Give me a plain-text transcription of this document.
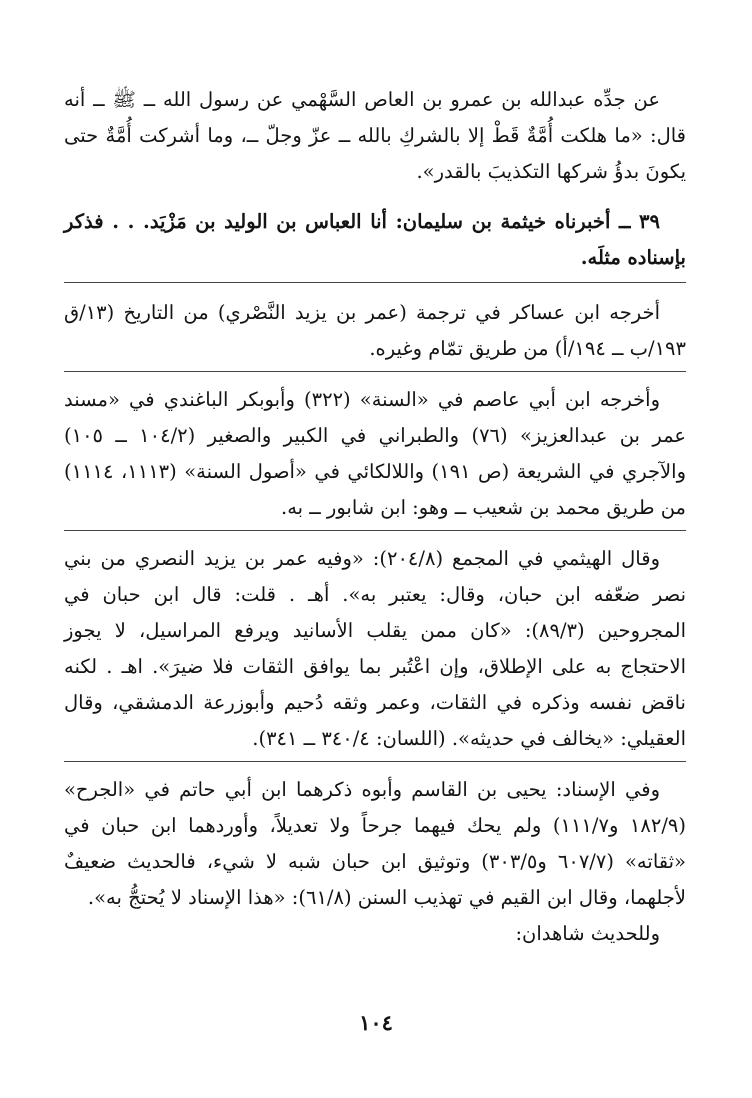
عن جدِّه عبدالله بن عمرو بن العاص السَّهْمي عن رسول الله ــ ﷺ ــ أنه قال: «ما هلكت أُمَّةٌ قَطْ إلا بالشركِ بالله ــ عزّ وجلّ ــ، وما أشركت أُمَّةٌ حتى يكونَ بدؤُ شركها التكذيبَ بالقدر».

٣٩ ــ أخبرناه خيثمة بن سليمان: أنا العباس بن الوليد بن مَزْيَد. . . فذكر بإسناده مثلَه.

أخرجه ابن عساكر في ترجمة (عمر بن يزيد النَّصْري) من التاريخ (١٣/ق ١٩٣/ب ــ ١٩٤/أ) من طريق تمّام وغيره.

وأخرجه ابن أبي عاصم في «السنة» (٣٢٢) وأبوبكر الباغندي في «مسند عمر بن عبدالعزيز» (٧٦) والطبراني في الكبير والصغير (١٠٤/٢ ــ ١٠٥) والآجري في الشريعة (ص ١٩١) واللالكائي في «أصول السنة» (١١١٣، ١١١٤) من طريق محمد بن شعيب ــ وهو: ابن شابور ــ به.

وقال الهيثمي في المجمع (٢٠٤/٨): «وفيه عمر بن يزيد النصري من بني نصر ضعّفه ابن حبان، وقال: يعتبر به». أهـ . قلت: قال ابن حبان في المجروحين (٨٩/٣): «كان ممن يقلب الأسانيد ويرفع المراسيل، لا يجوز الاحتجاج به على الإطلاق، وإن اعْتُبر بما يوافق الثقات فلا ضيرَ». اهـ . لكنه ناقض نفسه وذكره في الثقات، وعمر وثقه دُحيم وأبوزرعة الدمشقي، وقال العقيلي: «يخالف في حديثه». (اللسان: ٣٤٠/٤ ــ ٣٤١).

وفي الإسناد: يحيى بن القاسم وأبوه ذكرهما ابن أبي حاتم في «الجرح» (١٨٢/٩ و١١١/٧) ولم يحك فيهما جرحاً ولا تعديلاً، وأوردهما ابن حبان في «ثقاته» (٦٠٧/٧ و٣٠٣/٥) وتوثيق ابن حبان شبه لا شيء، فالحديث ضعيفٌ لأجلهما، وقال ابن القيم في تهذيب السنن (٦١/٨): «هذا الإسناد لا يُحتجُّ به».

وللحديث شاهدان:

١٠٤
